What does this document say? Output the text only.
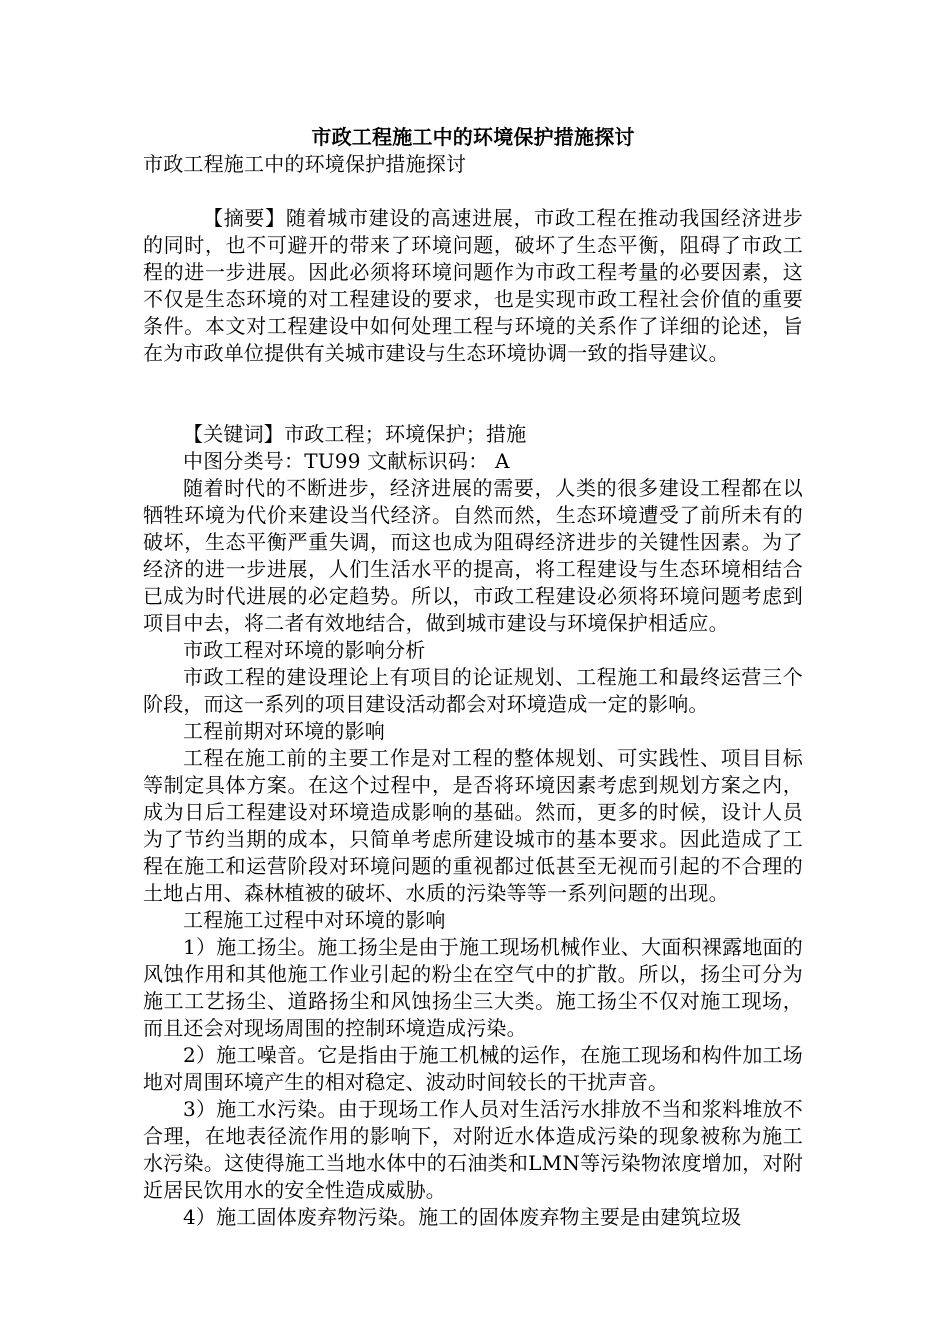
市政工程施工中的环境保护措施探讨

市政工程施工中的环境保护措施探讨

【摘要】随着城市建设的高速进展，市政工程在推动我国经济进步的同时，也不可避开的带来了环境问题，破坏了生态平衡，阻碍了市政工程的进一步进展。因此必须将环境问题作为市政工程考量的必要因素，这不仅是生态环境的对工程建设的要求，也是实现市政工程社会价值的重要条件。本文对工程建设中如何处理工程与环境的关系作了详细的论述，旨在为市政单位提供有关城市建设与生态环境协调一致的指导建议。

【关键词】市政工程；环境保护；措施

中图分类号：TU99 文献标识码： A

随着时代的不断进步，经济进展的需要，人类的很多建设工程都在以牺牲环境为代价来建设当代经济。自然而然，生态环境遭受了前所未有的破坏，生态平衡严重失调，而这也成为阻碍经济进步的关键性因素。为了经济的进一步进展，人们生活水平的提高，将工程建设与生态环境相结合已成为时代进展的必定趋势。所以，市政工程建设必须将环境问题考虑到项目中去，将二者有效地结合，做到城市建设与环境保护相适应。

市政工程对环境的影响分析

市政工程的建设理论上有项目的论证规划、工程施工和最终运营三个阶段，而这一系列的项目建设活动都会对环境造成一定的影响。

工程前期对环境的影响

工程在施工前的主要工作是对工程的整体规划、可实践性、项目目标等制定具体方案。在这个过程中，是否将环境因素考虑到规划方案之内，成为日后工程建设对环境造成影响的基础。然而，更多的时候，设计人员为了节约当期的成本，只简单考虑所建设城市的基本要求。因此造成了工程在施工和运营阶段对环境问题的重视都过低甚至无视而引起的不合理的土地占用、森林植被的破坏、水质的污染等等一系列问题的出现。

工程施工过程中对环境的影响

1）施工扬尘。施工扬尘是由于施工现场机械作业、大面积裸露地面的风蚀作用和其他施工作业引起的粉尘在空气中的扩散。所以，扬尘可分为施工工艺扬尘、道路扬尘和风蚀扬尘三大类。施工扬尘不仅对施工现场，而且还会对现场周围的控制环境造成污染。

2）施工噪音。它是指由于施工机械的运作，在施工现场和构件加工场地对周围环境产生的相对稳定、波动时间较长的干扰声音。

3）施工水污染。由于现场工作人员对生活污水排放不当和浆料堆放不合理，在地表径流作用的影响下，对附近水体造成污染的现象被称为施工水污染。这使得施工当地水体中的石油类和LMN等污染物浓度增加，对附近居民饮用水的安全性造成威胁。

4）施工固体废弃物污染。施工的固体废弃物主要是由建筑垃圾
